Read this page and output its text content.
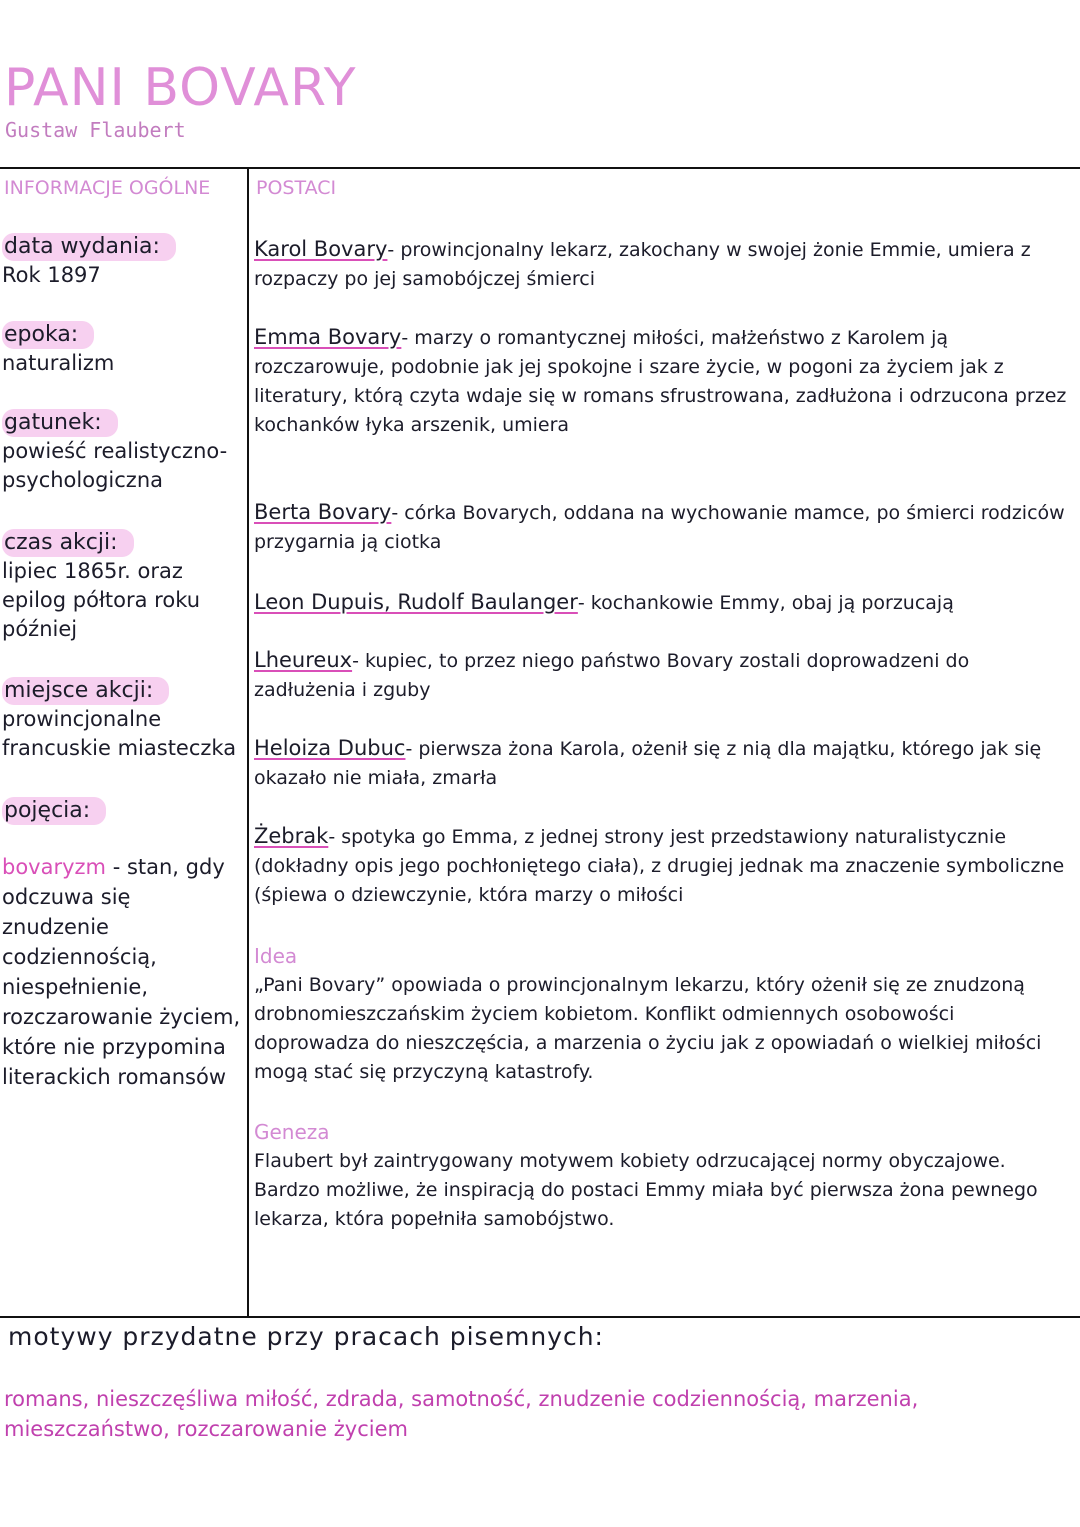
PANI BOVARY
Gustaw Flaubert
INFORMACJE OGÓLNE POSTACI
data wydania:
Rok 1897
epoka:
naturalizm
gatunek:
powieść realistyczno-psychologiczna
czas akcji:
lipiec 1865r. oraz epilog półtora roku później
miejsce akcji:
prowincjonalne francuskie miasteczka
pojęcia:
bovaryzm - stan, gdy odczuwa się znudzenie codziennością, niespełnienie, rozczarowanie życiem, które nie przypomina literackich romansów
Karol Bovary- prowincjonalny lekarz, zakochany w swojej żonie Emmie, umiera z rozpaczy po jej samobójczej śmierci
Emma Bovary- marzy o romantycznej miłości, małżeństwo z Karolem ją rozczarowuje, podobnie jak jej spokojne i szare życie, w pogoni za życiem jak z literatury, którą czyta wdaje się w romans sfrustrowana, zadłużona i odrzucona przez kochanków łyka arszenik, umiera
Berta Bovary- córka Bovarych, oddana na wychowanie mamce, po śmierci rodziców przygarnia ją ciotka
Leon Dupuis, Rudolf Baulanger- kochankowie Emmy, obaj ją porzucają
Lheureux- kupiec, to przez niego państwo Bovary zostali doprowadzeni do zadłużenia i zguby
Heloiza Dubuc- pierwsza żona Karola, ożenił się z nią dla majątku, którego jak się okazało nie miała, zmarła
Żebrak- spotyka go Emma, z jednej strony jest przedstawiony naturalistycznie (dokładny opis jego pochłoniętego ciała), z drugiej jednak ma znaczenie symboliczne (śpiewa o dziewczynie, która marzy o miłości
Idea
„Pani Bovary” opowiada o prowincjonalnym lekarzu, który ożenił się ze znudzoną drobnomieszczańskim życiem kobietom. Konflikt odmiennych osobowości doprowadza do nieszczęścia, a marzenia o życiu jak z opowiadań o wielkiej miłości mogą stać się przyczyną katastrofy.
Geneza
Flaubert był zaintrygowany motywem kobiety odrzucającej normy obyczajowe. Bardzo możliwe, że inspiracją do postaci Emmy miała być pierwsza żona pewnego lekarza, która popełniła samobójstwo.
motywy przydatne przy pracach pisemnych:
romans, nieszczęśliwa miłość, zdrada, samotność, znudzenie codziennością, marzenia, mieszczaństwo, rozczarowanie życiem
